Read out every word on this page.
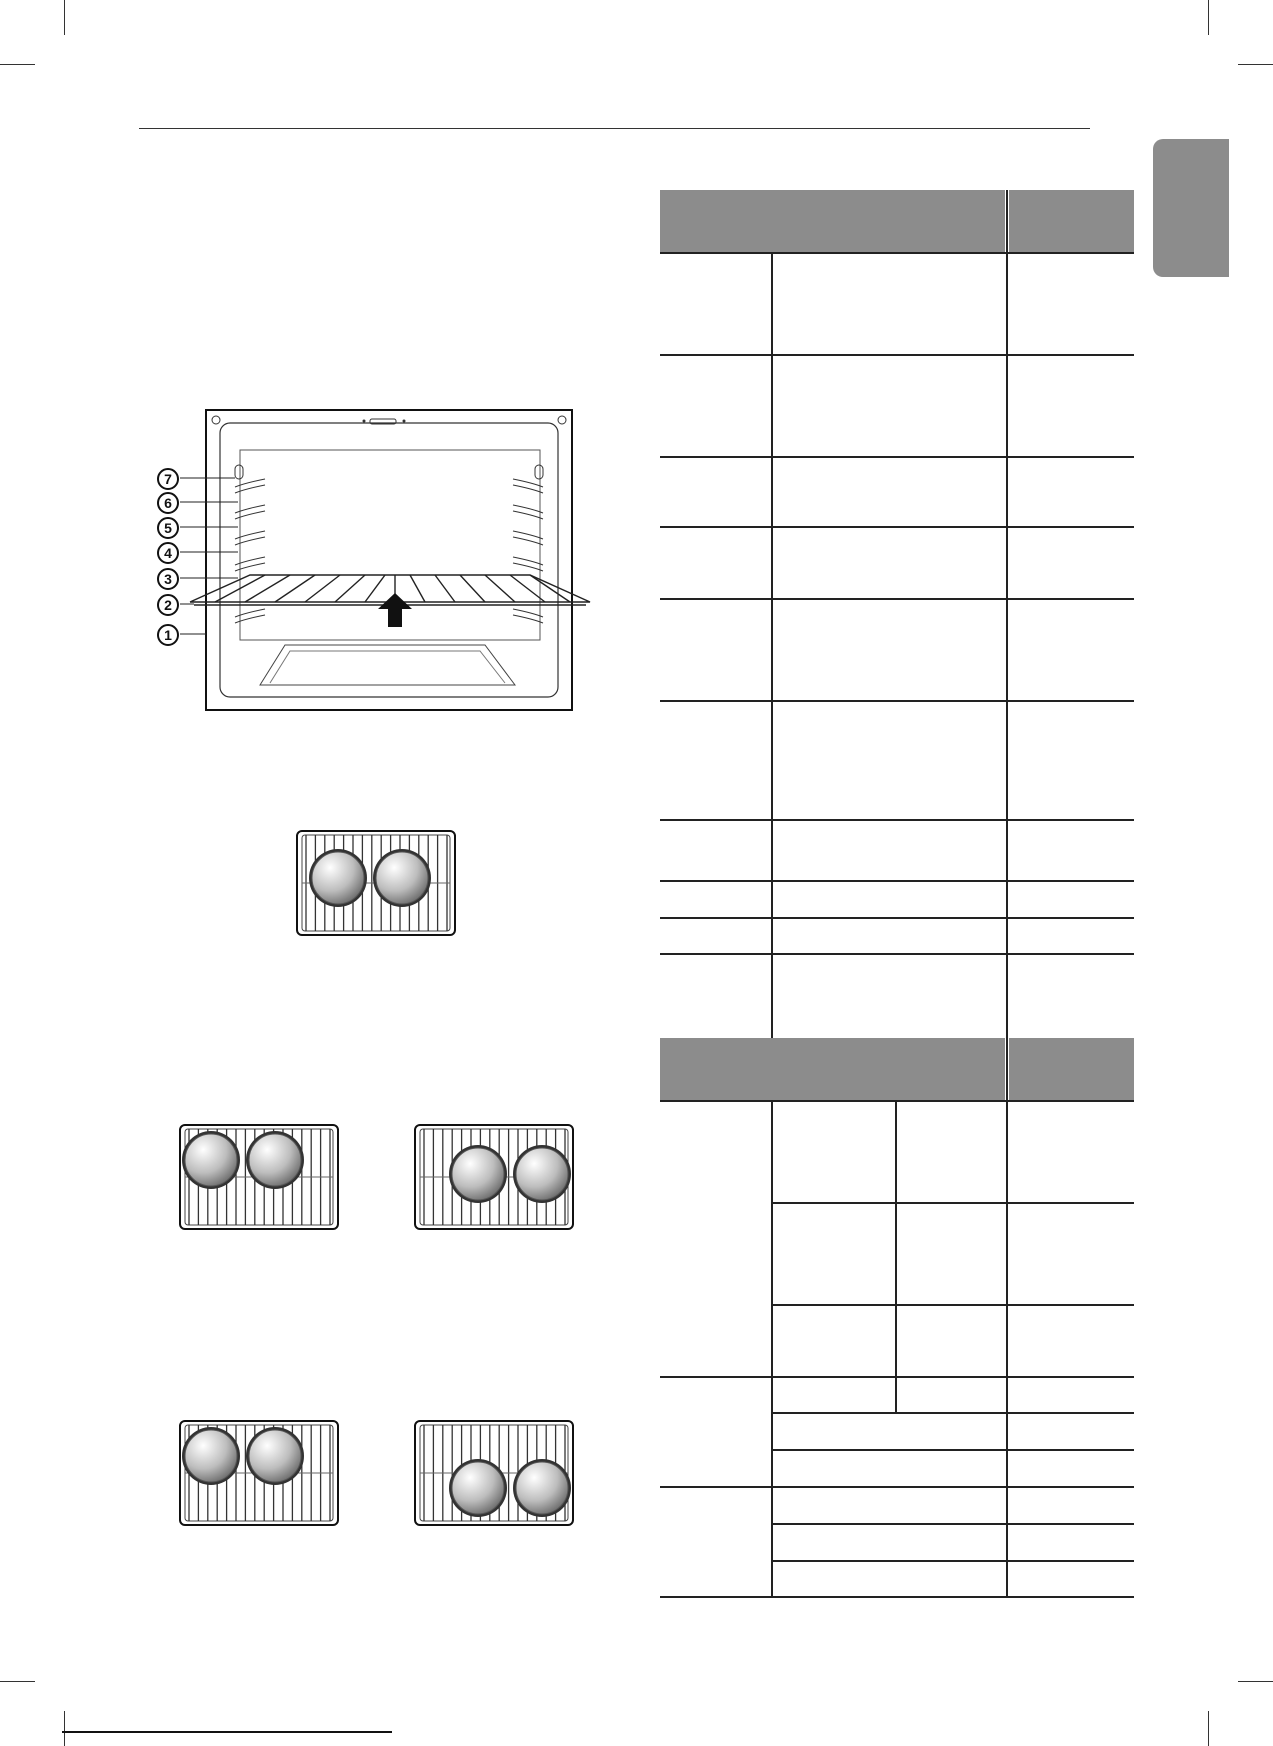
7
6
5
4
3
2
1
